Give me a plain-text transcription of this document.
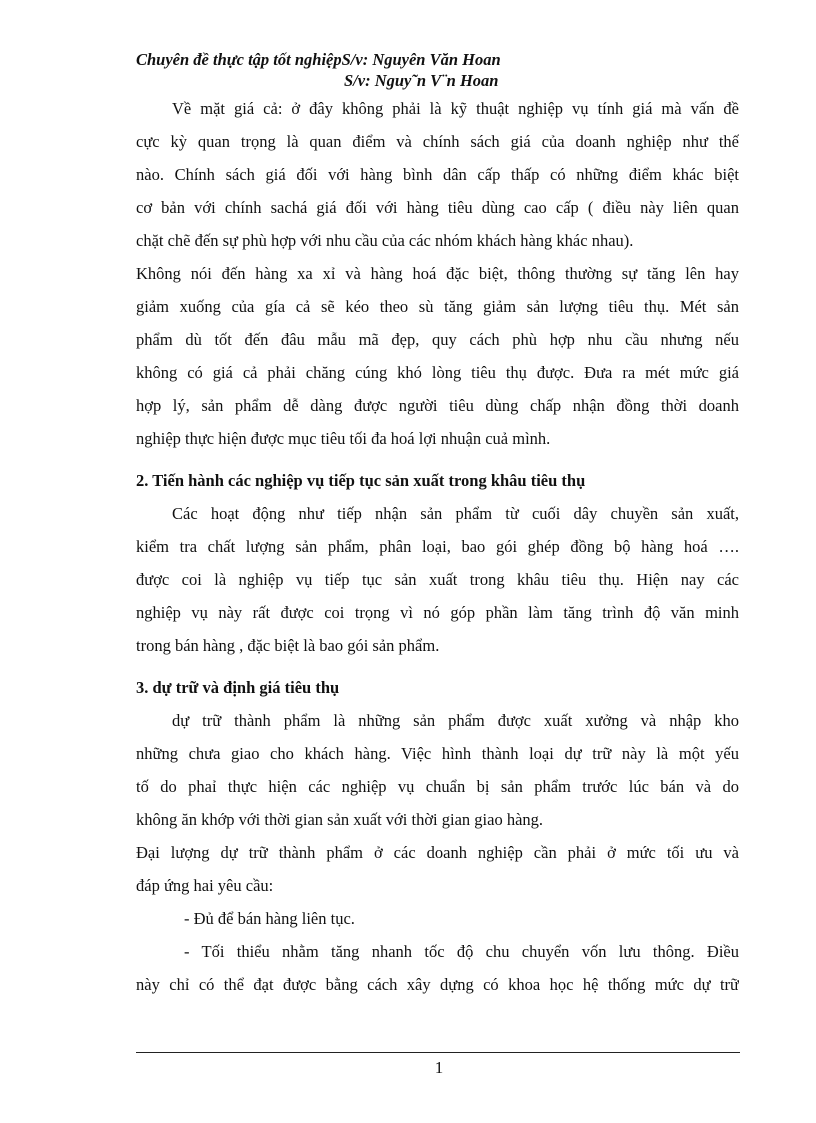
Chuyên đề thực tập tốt nghiệpS/v: Nguyên Văn Hoan
S/v: Nguy˜n V¨n Hoan
Về mặt giá cả: ở đây không phải là kỹ thuật nghiệp vụ tính giá mà vấn đề
cực kỳ quan trọng là quan điểm và chính sách giá của doanh nghiệp như thế
nào. Chính sách giá đối với hàng bình dân cấp thấp có những điểm khác biệt
cơ bản với chính sachá giá đối với hàng tiêu dùng cao cấp ( điều này liên quan
chặt chẽ đến sự phù hợp với nhu cầu của các nhóm khách hàng khác nhau).
Không nói đến hàng xa xỉ và hàng hoá đặc biệt, thông thường sự tăng lên hay
giảm xuống của gía cả sẽ kéo theo sù tăng giảm sản lượng tiêu thụ. Mét sản
phẩm dù tốt đến đâu mẫu mã đẹp, quy cách phù hợp nhu cầu nhưng nếu
không có giá cả phải chăng cúng khó lòng tiêu thụ được. Đưa ra mét mức giá
hợp lý, sản phẩm dễ dàng được người tiêu dùng chấp nhận đồng thời doanh
nghiệp thực hiện được mục tiêu tối đa hoá lợi nhuận cuả mình.
2. Tiến hành các nghiệp vụ tiếp tục sản xuất trong khâu tiêu thụ
Các hoạt động như tiếp nhận sản phẩm từ cuối dây chuyền sản xuất,
kiểm tra chất lượng sản phẩm, phân loại, bao gói ghép đồng bộ hàng hoá ….
được coi là nghiệp vụ tiếp tục sản xuất trong khâu tiêu thụ. Hiện nay các
nghiệp vụ này rất được coi trọng vì nó góp phần làm tăng trình độ văn minh
trong bán hàng , đặc biệt là bao gói sản phẩm.
3. dự trữ và định giá tiêu thụ
dự trữ thành phẩm là những sản phẩm được xuất xưởng và nhập kho
những chưa giao cho khách hàng. Việc hình thành loại dự trữ này là một yếu
tố do phaỉ thực hiện các nghiệp vụ chuẩn bị sản phẩm trước lúc bán và do
không ăn khớp với thời gian sản xuất với thời gian giao hàng.
Đại lượng dự trữ thành phẩm ở các doanh nghiệp cần phải ở mức tối ưu và
đáp ứng hai yêu cầu:
- Đủ để bán hàng liên tục.
- Tối thiểu nhằm tăng nhanh tốc độ chu chuyển vốn lưu thông. Điều
này chỉ có thể đạt được bằng cách xây dựng có khoa học hệ thống mức dự trữ
1
